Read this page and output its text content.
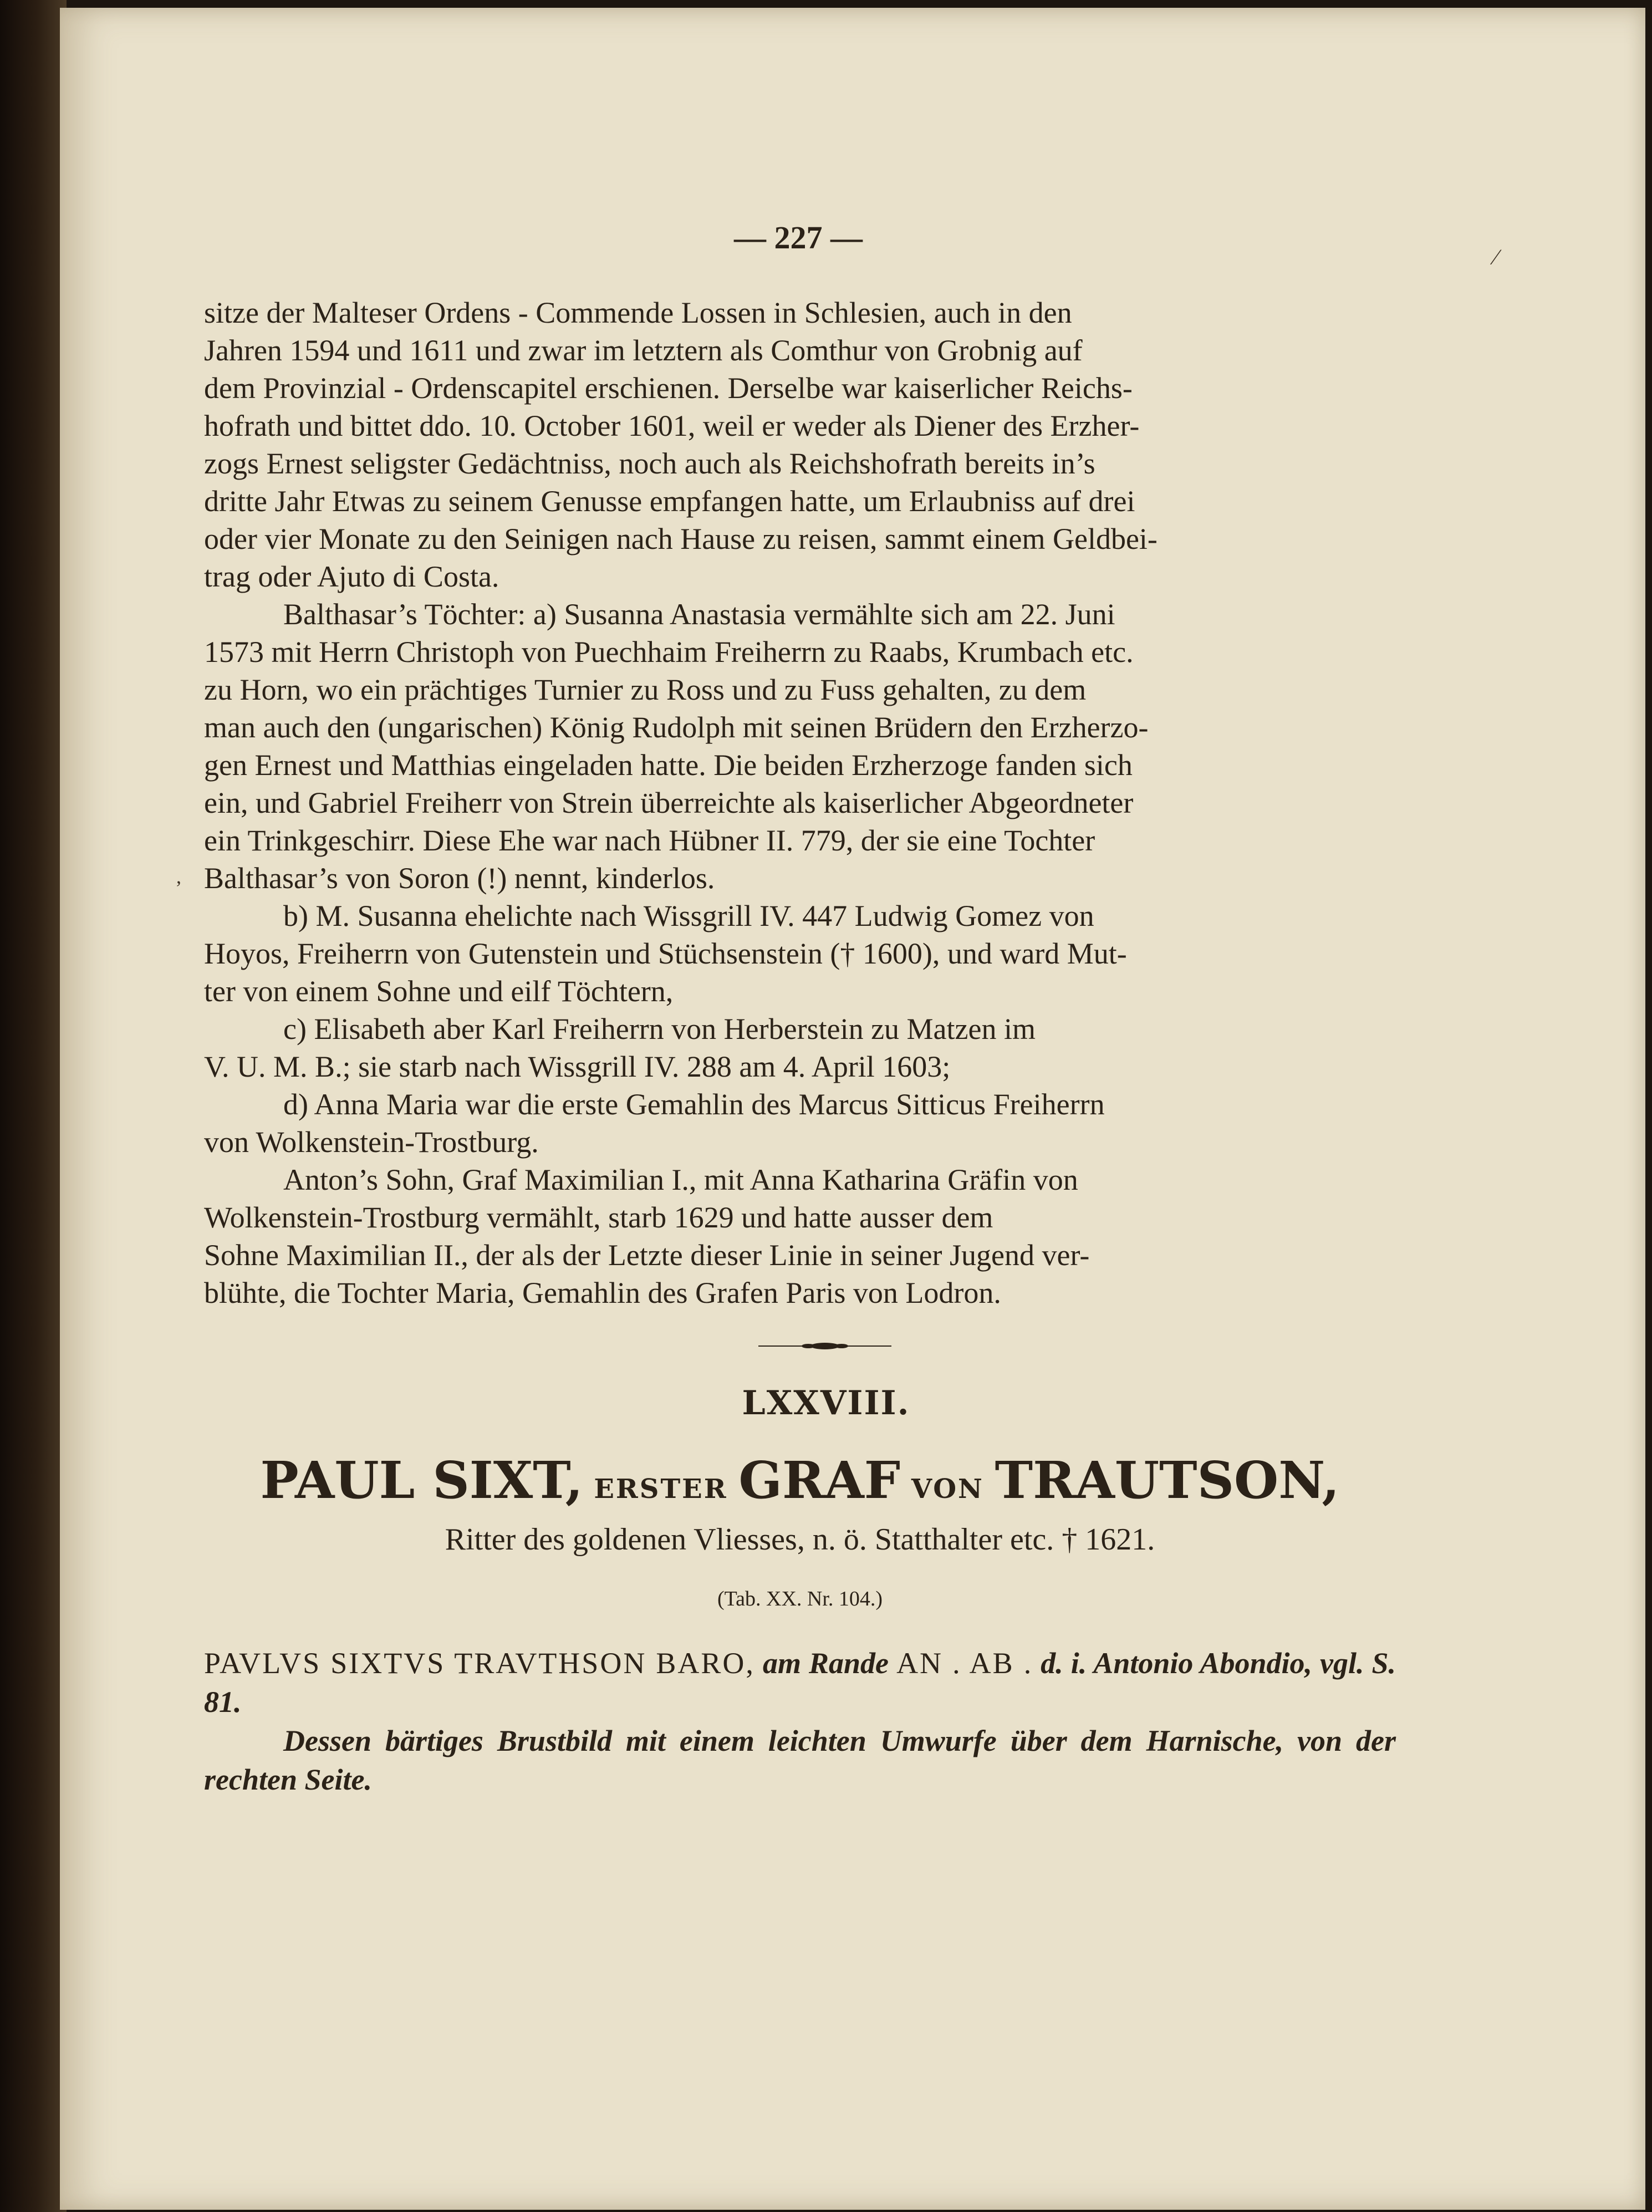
— 227 —

sitze der Malteser Ordens - Commende Lossen in Schlesien, auch in den
Jahren 1594 und 1611 und zwar im letztern als Comthur von Grobnig auf
dem Provinzial - Ordenscapitel erschienen. Derselbe war kaiserlicher Reichs-
hofrath und bittet ddo. 10. October 1601, weil er weder als Diener des Erzher-
zogs Ernest seligster Gedächtniss, noch auch als Reichshofrath bereits in’s
dritte Jahr Etwas zu seinem Genusse empfangen hatte, um Erlaubniss auf drei
oder vier Monate zu den Seinigen nach Hause zu reisen, sammt einem Geldbei-
trag oder Ajuto di Costa.

Balthasar’s Töchter: a) Susanna Anastasia vermählte sich am 22. Juni
1573 mit Herrn Christoph von Puechhaim Freiherrn zu Raabs, Krumbach etc.
zu Horn, wo ein prächtiges Turnier zu Ross und zu Fuss gehalten, zu dem
man auch den (ungarischen) König Rudolph mit seinen Brüdern den Erzherzo-
gen Ernest und Matthias eingeladen hatte. Die beiden Erzherzoge fanden sich
ein, und Gabriel Freiherr von Strein überreichte als kaiserlicher Abgeordneter
ein Trinkgeschirr. Diese Ehe war nach Hübner II. 779, der sie eine Tochter
Balthasar’s von Soron (!) nennt, kinderlos.

b) M. Susanna ehelichte nach Wissgrill IV. 447 Ludwig Gomez von
Hoyos, Freiherrn von Gutenstein und Stüchsenstein († 1600), und ward Mut-
ter von einem Sohne und eilf Töchtern,

c) Elisabeth aber Karl Freiherrn von Herberstein zu Matzen im
V. U. M. B.; sie starb nach Wissgrill IV. 288 am 4. April 1603;

d) Anna Maria war die erste Gemahlin des Marcus Sitticus Freiherrn
von Wolkenstein-Trostburg.

Anton’s Sohn, Graf Maximilian I., mit Anna Katharina Gräfin von
Wolkenstein-Trostburg vermählt, starb 1629 und hatte ausser dem
Sohne Maximilian II., der als der Letzte dieser Linie in seiner Jugend ver-
blühte, die Tochter Maria, Gemahlin des Grafen Paris von Lodron.

LXXVIII.
PAUL SIXT, ERSTER GRAF VON TRAUTSON,
Ritter des goldenen Vliesses, n. ö. Statthalter etc. † 1621.
(Tab. XX. Nr. 104.)
PAVLVS SIXTVS TRAVTHSON BARO, am Rande AN . AB . d. i. Antonio Abondio, vgl. S. 81.
Dessen bärtiges Brustbild mit einem leichten Umwurfe über dem Harnische, von der rechten Seite.
⁄
,
